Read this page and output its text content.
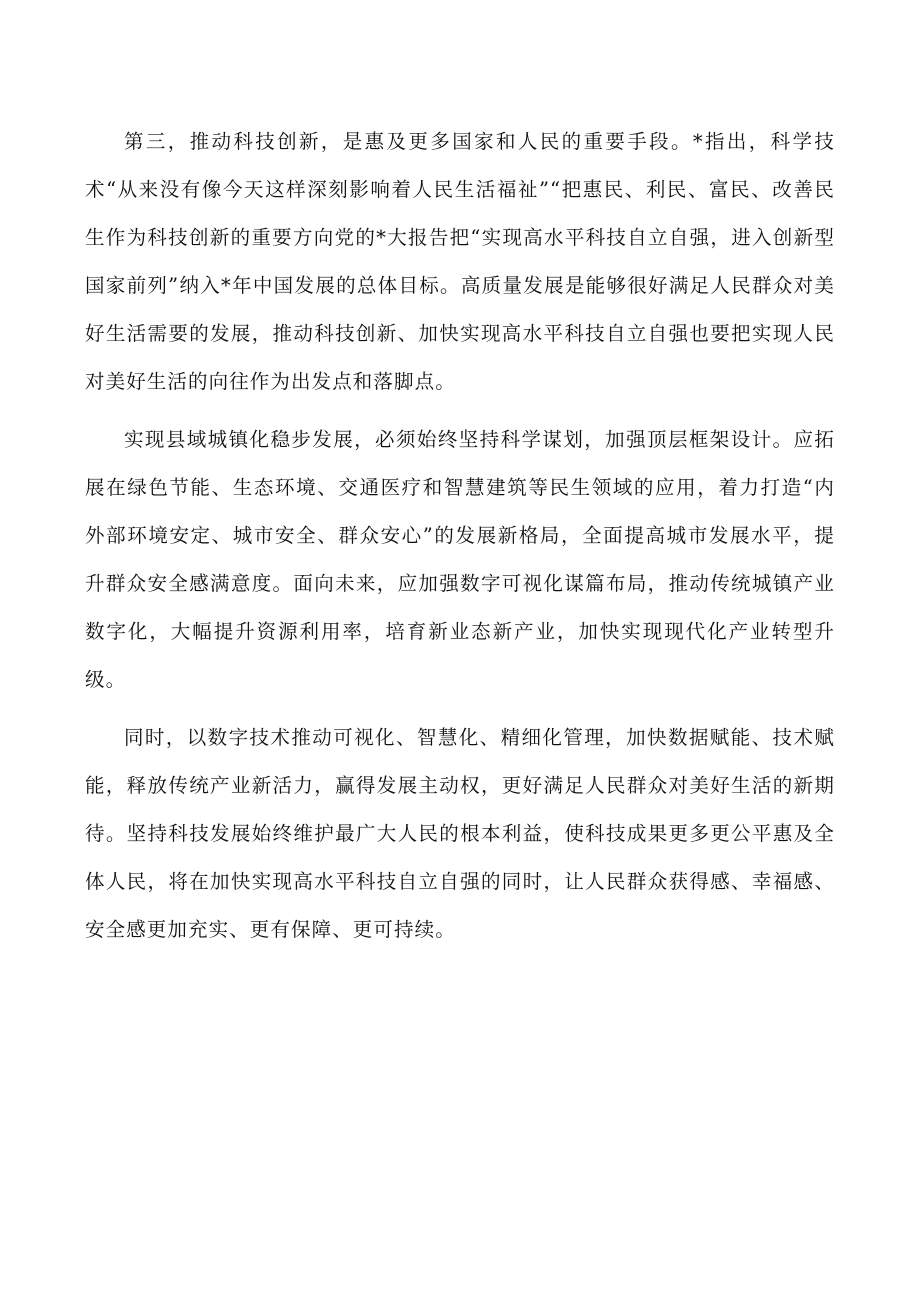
第三，推动科技创新，是惠及更多国家和人民的重要手段。*指出，科学技术“从来没有像今天这样深刻影响着人民生活福祉”“把惠民、利民、富民、改善民生作为科技创新的重要方向党的*大报告把“实现高水平科技自立自强，进入创新型国家前列”纳入*年中国发展的总体目标。高质量发展是能够很好满足人民群众对美好生活需要的发展，推动科技创新、加快实现高水平科技自立自强也要把实现人民对美好生活的向往作为出发点和落脚点。

实现县域城镇化稳步发展，必须始终坚持科学谋划，加强顶层框架设计。应拓展在绿色节能、生态环境、交通医疗和智慧建筑等民生领域的应用，着力打造“内外部环境安定、城市安全、群众安心”的发展新格局，全面提高城市发展水平，提升群众安全感满意度。面向未来，应加强数字可视化谋篇布局，推动传统城镇产业数字化，大幅提升资源利用率，培育新业态新产业，加快实现现代化产业转型升级。

同时，以数字技术推动可视化、智慧化、精细化管理，加快数据赋能、技术赋能，释放传统产业新活力，赢得发展主动权，更好满足人民群众对美好生活的新期待。坚持科技发展始终维护最广大人民的根本利益，使科技成果更多更公平惠及全体人民，将在加快实现高水平科技自立自强的同时，让人民群众获得感、幸福感、安全感更加充实、更有保障、更可持续。
